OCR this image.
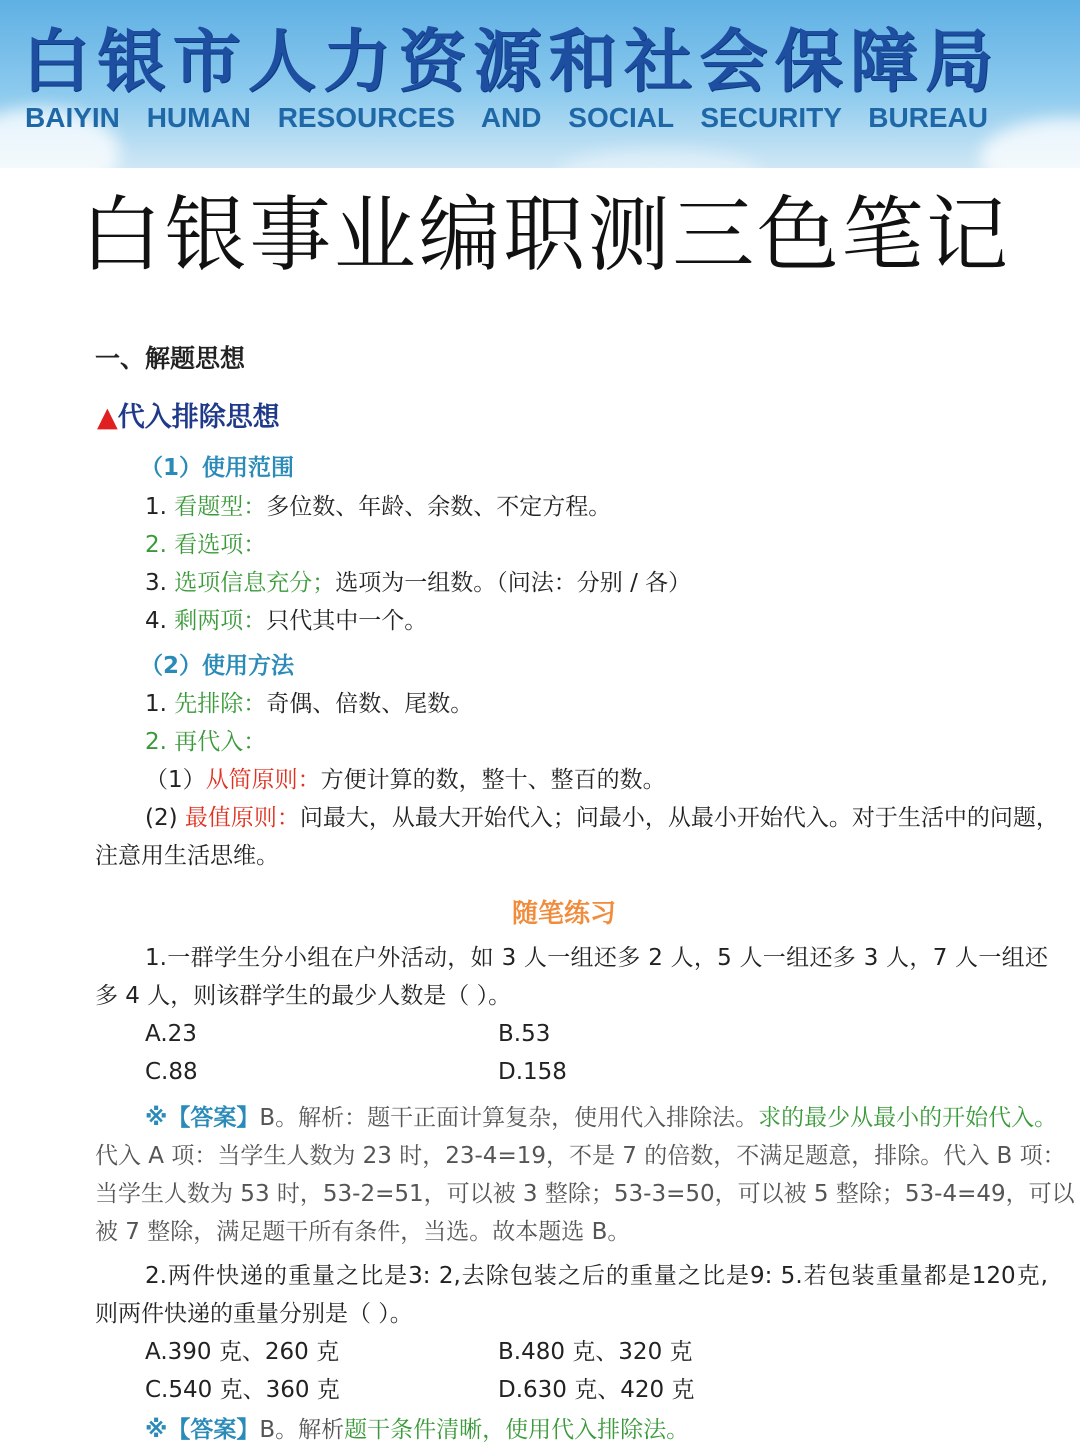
白银市人力资源和社会保障局
BAIYIN HUMAN RESOURCES AND SOCIAL SECURITY BUREAU
白银事业编职测三色笔记
一、解题思想
▲代入排除思想
（1）使用范围
（2）使用方法
随笔练习
1. 看题型：多位数、年龄、余数、不定方程。
2. 看选项：
3. 选项信息充分；选项为一组数。（问法：分别 / 各）
4. 剩两项：只代其中一个。
1. 先排除：奇偶、倍数、尾数。
2. 再代入：
（1）从简原则：方便计算的数，整十、整百的数。
(2) 最值原则：问最大，从最大开始代入；问最小，从最小开始代入。对于生活中的问题，
注意用生活思维。
1.一群学生分小组在户外活动，如 3 人一组还多 2 人，5 人一组还多 3 人，7 人一组还
多 4 人，则该群学生的最少人数是（ ）。
A.23	B.53
C.88	D.158
※【答案】B。解析：题干正面计算复杂，使用代入排除法。求的最少从最小的开始代入。
代入 A 项：当学生人数为 23 时，23-4=19，不是 7 的倍数，不满足题意，排除。代入 B 项：
当学生人数为 53 时，53-2=51，可以被 3 整除；53-3=50，可以被 5 整除；53-4=49，可以
被 7 整除，满足题干所有条件，当选。故本题选 B。
2.两件快递的重量之比是3: 2,去除包装之后的重量之比是9: 5.若包装重量都是120克,
则两件快递的重量分别是（ ）。
A.390 克、260 克	B.480 克、320 克
C.540 克、360 克	D.630 克、420 克
※【答案】B。解析题干条件清晰，使用代入排除法。
